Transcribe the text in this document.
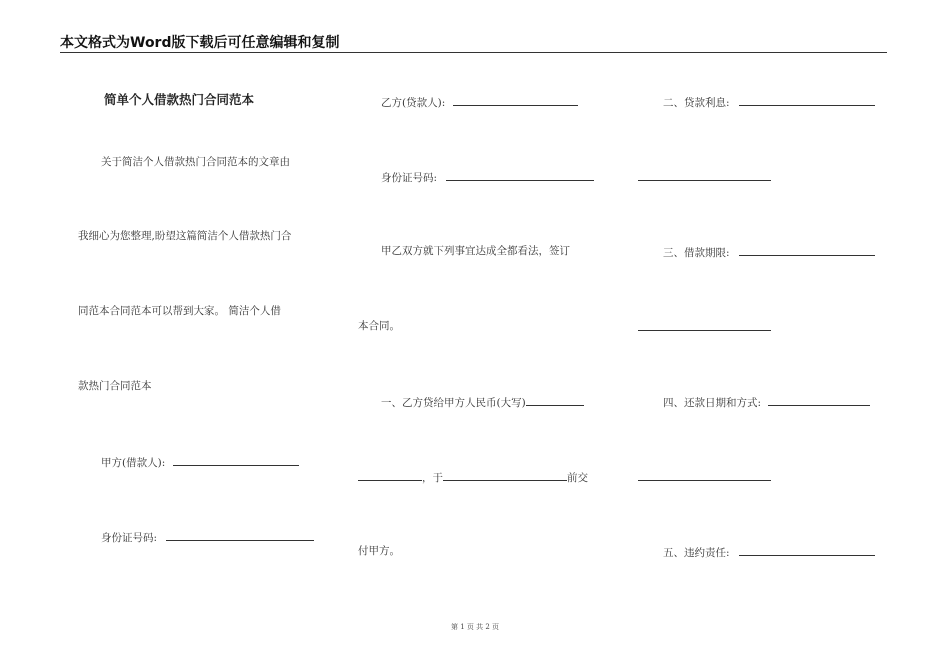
本文格式为Word版下载后可任意编辑和复制
简单个人借款热门合同范本
关于简洁个人借款热门合同范本的文章由
我细心为您整理,盼望这篇简洁个人借款热门合
同范本合同范本可以帮到大家。 简洁个人借
款热门合同范本
甲方(借款人):
身份证号码:
乙方(贷款人):
身份证号码:
甲乙双方就下列事宜达成全都看法，签订
本合同。
一、乙方贷给甲方人民币(大写)
，于	前交
付甲方。
二、贷款利息:
三、借款期限:
四、还款日期和方式:
五、违约责任:
第 1 页 共 2 页
